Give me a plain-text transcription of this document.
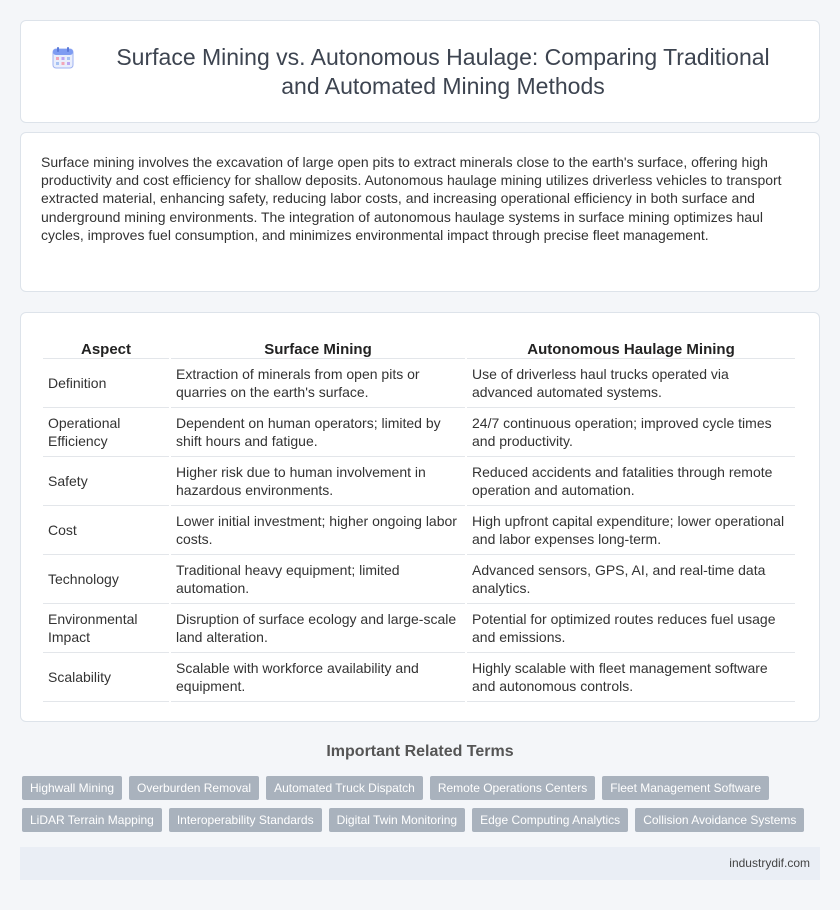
Surface Mining vs. Autonomous Haulage: Comparing Traditional and Automated Mining Methods

Surface mining involves the excavation of large open pits to extract minerals close to the earth's surface, offering high productivity and cost efficiency for shallow deposits. Autonomous haulage mining utilizes driverless vehicles to transport extracted material, enhancing safety, reducing labor costs, and increasing operational efficiency in both surface and underground mining environments. The integration of autonomous haulage systems in surface mining optimizes haul cycles, improves fuel consumption, and minimizes environmental impact through precise fleet management.

Aspect	Surface Mining	Autonomous Haulage Mining
Definition	Extraction of minerals from open pits or quarries on the earth's surface.	Use of driverless haul trucks operated via advanced automated systems.
Operational Efficiency	Dependent on human operators; limited by shift hours and fatigue.	24/7 continuous operation; improved cycle times and productivity.
Safety	Higher risk due to human involvement in hazardous environments.	Reduced accidents and fatalities through remote operation and automation.
Cost	Lower initial investment; higher ongoing labor costs.	High upfront capital expenditure; lower operational and labor expenses long-term.
Technology	Traditional heavy equipment; limited automation.	Advanced sensors, GPS, AI, and real-time data analytics.
Environmental Impact	Disruption of surface ecology and large-scale land alteration.	Potential for optimized routes reduces fuel usage and emissions.
Scalability	Scalable with workforce availability and equipment.	Highly scalable with fleet management software and autonomous controls.
Important Related Terms
Highwall Mining	Overburden Removal	Automated Truck Dispatch	Remote Operations Centers	Fleet Management Software
LiDAR Terrain Mapping	Interoperability Standards	Digital Twin Monitoring	Edge Computing Analytics	Collision Avoidance Systems
industrydif.com
